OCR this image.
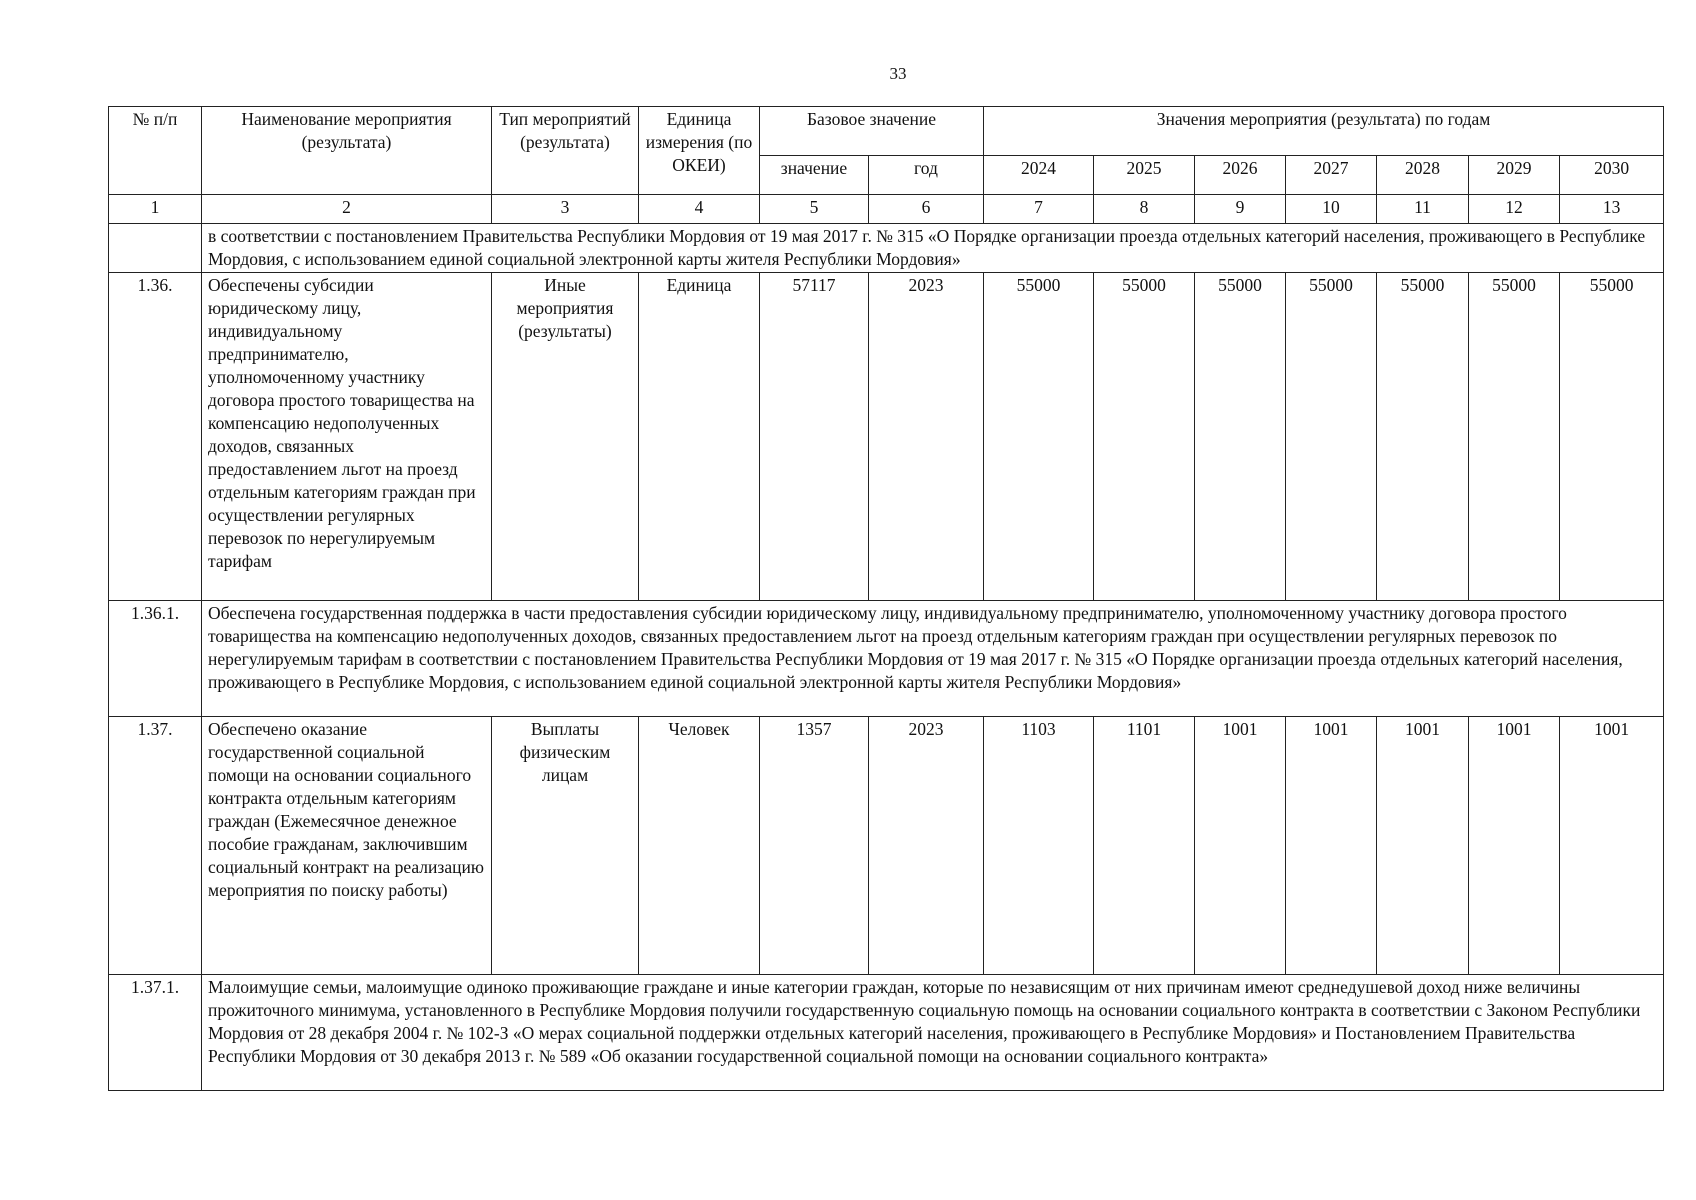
33
№ п/п	Наименование мероприятия (результата)	Тип мероприятий (результата)	Единица измерения (по ОКЕИ)	Базовое значение		Значения мероприятия (результата) по годам						
				значение	год	2024	2025	2026	2027	2028	2029	2030
1	2	3	4	5	6	7	8	9	10	11	12	13
	в соответствии с постановлением Правительства Республики Мордовия от 19 мая 2017 г. № 315 «О Порядке организации проезда отдельных категорий населения, проживающего в Республике Мордовия, с использованием единой социальной электронной карты жителя Республики Мордовия»											
1.36.	Обеспечены субсидии юридическому лицу, индивидуальному предпринимателю, уполномоченному участнику договора простого товарищества на компенсацию недополученных доходов, связанных предоставлением льгот на проезд отдельным категориям граждан при осуществлении регулярных перевозок по нерегулируемым тарифам	Иные мероприятия (результаты)	Единица	57117	2023	55000	55000	55000	55000	55000	55000	55000
1.36.1.	Обеспечена государственная поддержка в части предоставления субсидии юридическому лицу, индивидуальному предпринимателю, уполномоченному участнику договора простого товарищества на компенсацию недополученных доходов, связанных предоставлением льгот на проезд отдельным категориям граждан при осуществлении регулярных перевозок по нерегулируемым тарифам в соответствии с постановлением Правительства Республики Мордовия от 19 мая 2017 г. № 315 «О Порядке организации проезда отдельных категорий населения, проживающего в Республике Мордовия, с использованием единой социальной электронной карты жителя Республики Мордовия»											
1.37.	Обеспечено оказание государственной социальной помощи на основании социального контракта отдельным категориям граждан (Ежемесячное денежное пособие гражданам, заключившим социальный контракт на реализацию мероприятия по поиску работы)	Выплаты физическим лицам	Человек	1357	2023	1103	1101	1001	1001	1001	1001	1001
1.37.1.	Малоимущие семьи, малоимущие одиноко проживающие граждане и иные категории граждан, которые по независящим от них причинам имеют среднедушевой доход ниже величины прожиточного минимума, установленного в Республике Мордовия получили государственную социальную помощь на основании социального контракта в соответствии с Законом Республики Мордовия от 28 декабря 2004 г. № 102-З «О мерах социальной поддержки отдельных категорий населения, проживающего в Республике Мордовия» и Постановлением Правительства Республики Мордовия от 30 декабря 2013 г. № 589 «Об оказании государственной социальной помощи на основании социального контракта»											
